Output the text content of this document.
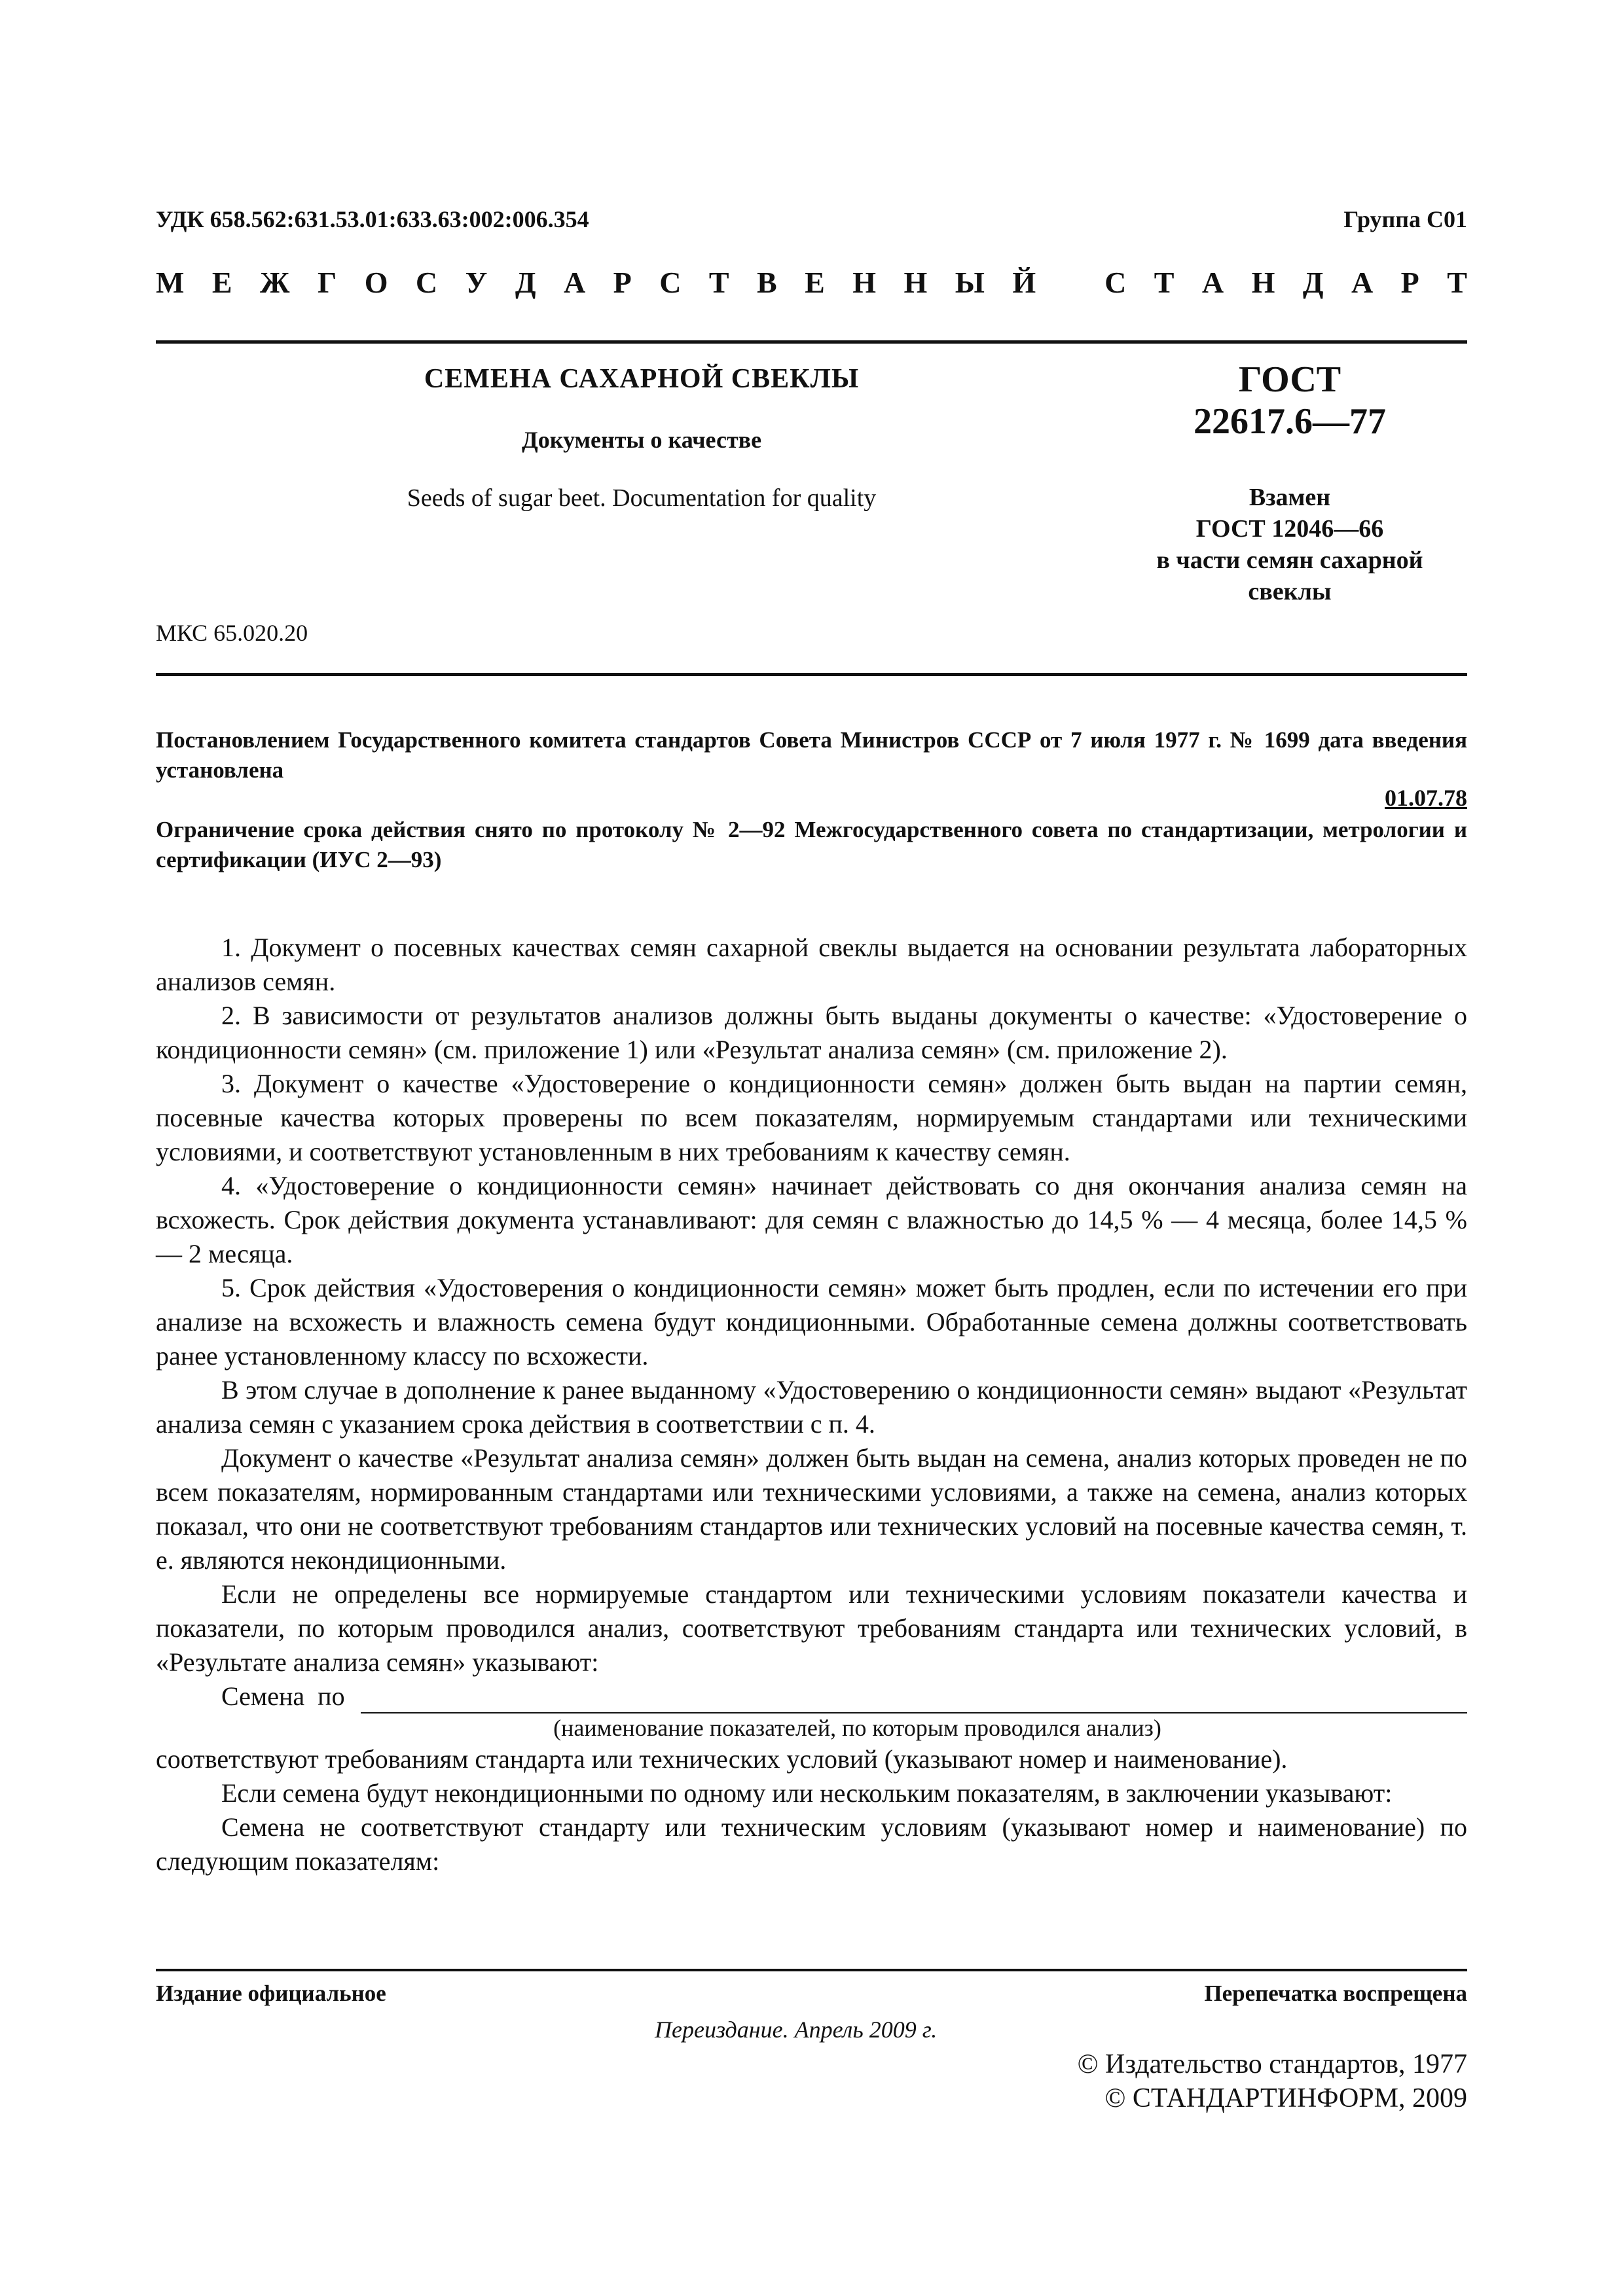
УДК 658.562:631.53.01:633.63:002:006.354	Группа С01
М Е Ж Г О С У Д А Р С Т В Е Н Н Ы Й С Т А Н Д А Р Т
СЕМЕНА САХАРНОЙ СВЕКЛЫ
Документы о качестве
Seeds of sugar beet. Documentation for quality
ГОСТ
22617.6—77
Взамен
ГОСТ 12046—66
в части семян сахарной
свеклы
МКС 65.020.20
Постановлением Государственного комитета стандартов Совета Министров СССР от 7 июля 1977 г. № 1699 дата введения установлена
01.07.78
Ограничение срока действия снято по протоколу № 2—92 Межгосударственного совета по стандартизации, метрологии и сертификации (ИУС 2—93)

1. Документ о посевных качествах семян сахарной свеклы выдается на основании результата лабораторных анализов семян.

2. В зависимости от результатов анализов должны быть выданы документы о качестве: «Удостоверение о кондиционности семян» (см. приложение 1) или «Результат анализа семян» (см. приложение 2).

3. Документ о качестве «Удостоверение о кондиционности семян» должен быть выдан на партии семян, посевные качества которых проверены по всем показателям, нормируемым стандартами или техническими условиями, и соответствуют установленным в них требованиям к качеству семян.

4. «Удостоверение о кондиционности семян» начинает действовать со дня окончания анализа семян на всхожесть. Срок действия документа устанавливают: для семян с влажностью до 14,5 % — 4 месяца, более 14,5 % — 2 месяца.

5. Срок действия «Удостоверения о кондиционности семян» может быть продлен, если по истечении его при анализе на всхожесть и влажность семена будут кондиционными. Обработанные семена должны соответствовать ранее установленному классу по всхожести.

В этом случае в дополнение к ранее выданному «Удостоверению о кондиционности семян» выдают «Результат анализа семян с указанием срока действия в соответствии с п. 4.

Документ о качестве «Результат анализа семян» должен быть выдан на семена, анализ которых проведен не по всем показателям, нормированным стандартами или техническими условиями, а также на семена, анализ которых показал, что они не соответствуют требованиям стандартов или технических условий на посевные качества семян, т. е. являются некондиционными.

Если не определены все нормируемые стандартом или техническими условиям показатели качества и показатели, по которым проводился анализ, соответствуют требованиям стандарта или технических условий, в «Результате анализа семян» указывают:

Семена по
(наименование показателей, по которым проводился анализ)

соответствуют требованиям стандарта или технических условий (указывают номер и наименование).

Если семена будут некондиционными по одному или нескольким показателям, в заключении указывают:

Семена не соответствуют стандарту или техническим условиям (указывают номер и наименование) по следующим показателям:

Издание официальное	Перепечатка воспрещена
Переиздание. Апрель 2009 г.
© Издательство стандартов, 1977
© СТАНДАРТИНФОРМ, 2009
